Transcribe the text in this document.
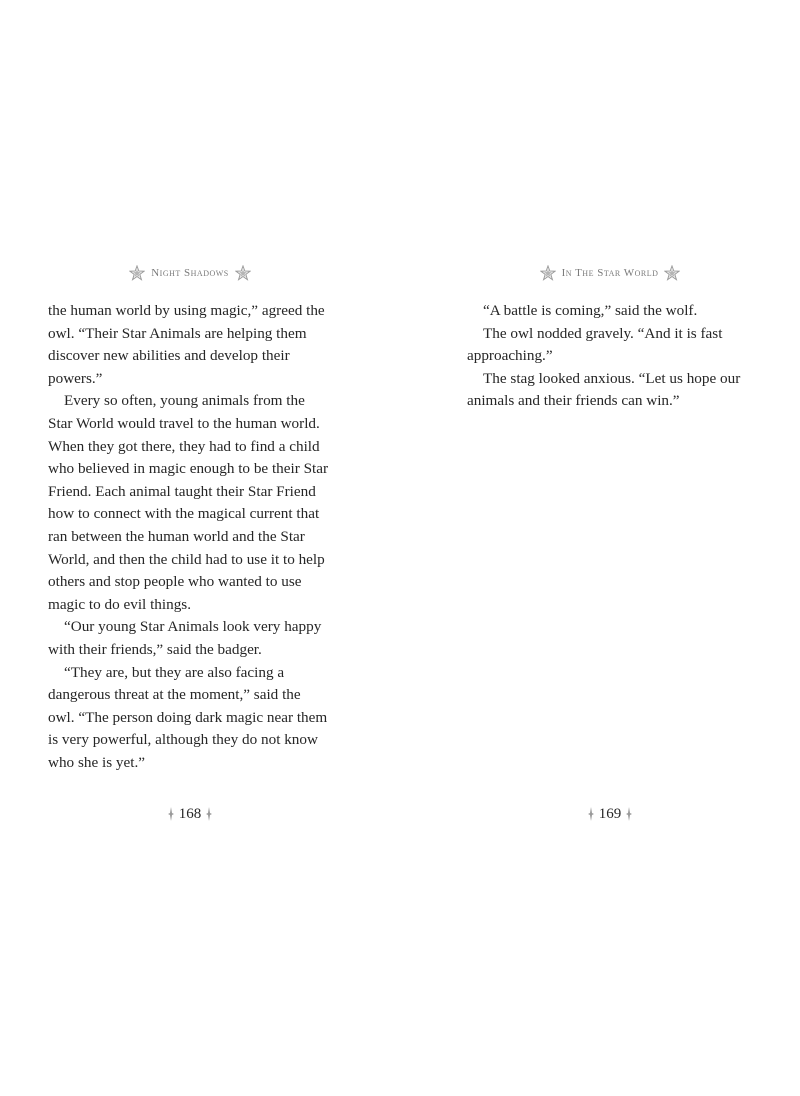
Night Shadows

the human world by using magic,” agreed the owl. “Their Star Animals are helping them discover new abilities and develop their powers.”

Every so often, young animals from the Star World would travel to the human world. When they got there, they had to find a child who believed in magic enough to be their Star Friend. Each animal taught their Star Friend how to connect with the magical current that ran between the human world and the Star World, and then the child had to use it to help others and stop people who wanted to use magic to do evil things.

“Our young Star Animals look very happy with their friends,” said the badger.

“They are, but they are also facing a dangerous threat at the moment,” said the owl. “The person doing dark magic near them is very powerful, although they do not know who she is yet.”

168
In The Star World

“A battle is coming,” said the wolf.

The owl nodded gravely. “And it is fast approaching.”

The stag looked anxious. “Let us hope our animals and their friends can win.”

169
